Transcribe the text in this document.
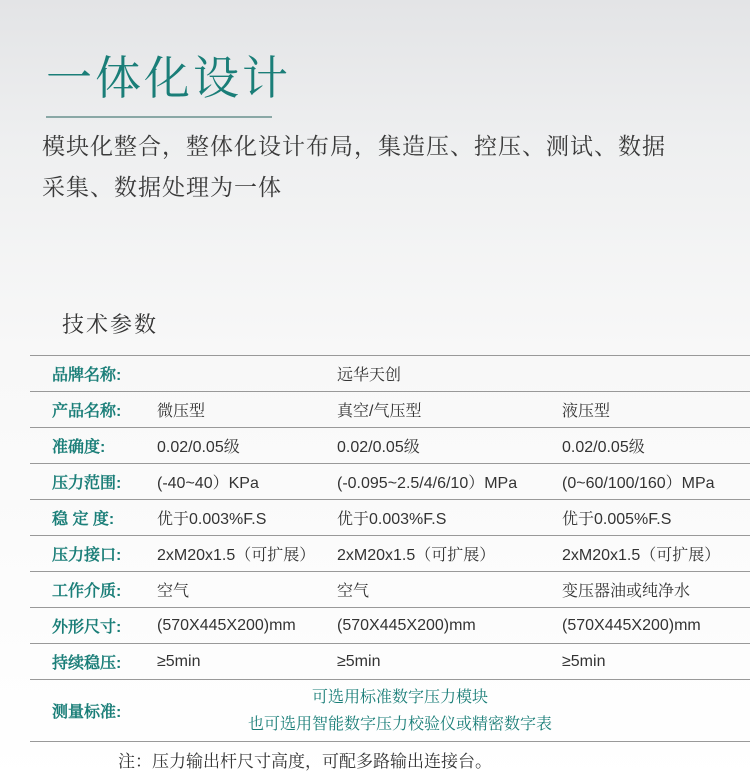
一体化设计
模块化整合，整体化设计布局，集造压、控压、测试、数据
采集、数据处理为一体
技术参数
品牌名称:	远华天创
产品名称: 微压型	真空/气压型	液压型
准确度:	0.02/0.05级	0.02/0.05级	0.02/0.05级
压力范围: (-40~40）KPa	(-0.095~2.5/4/6/10）MPa	(0~60/100/160）MPa
稳 定 度:	优于0.003%F.S	优于0.003%F.S	优于0.005%F.S
压力接口: 2xM20x1.5（可扩展） 2xM20x1.5（可扩展）	2xM20x1.5（可扩展）
工作介质: 空气	空气	变压器油或纯净水
外形尺寸: (570X445X200)mm	(570X445X200)mm	(570X445X200)mm
持续稳压: ≥5min	≥5min	≥5min
测量标准:
可选用标准数字压力模块
也可选用智能数字压力校验仪或精密数字表
注：压力输出杆尺寸高度，可配多路输出连接台。
